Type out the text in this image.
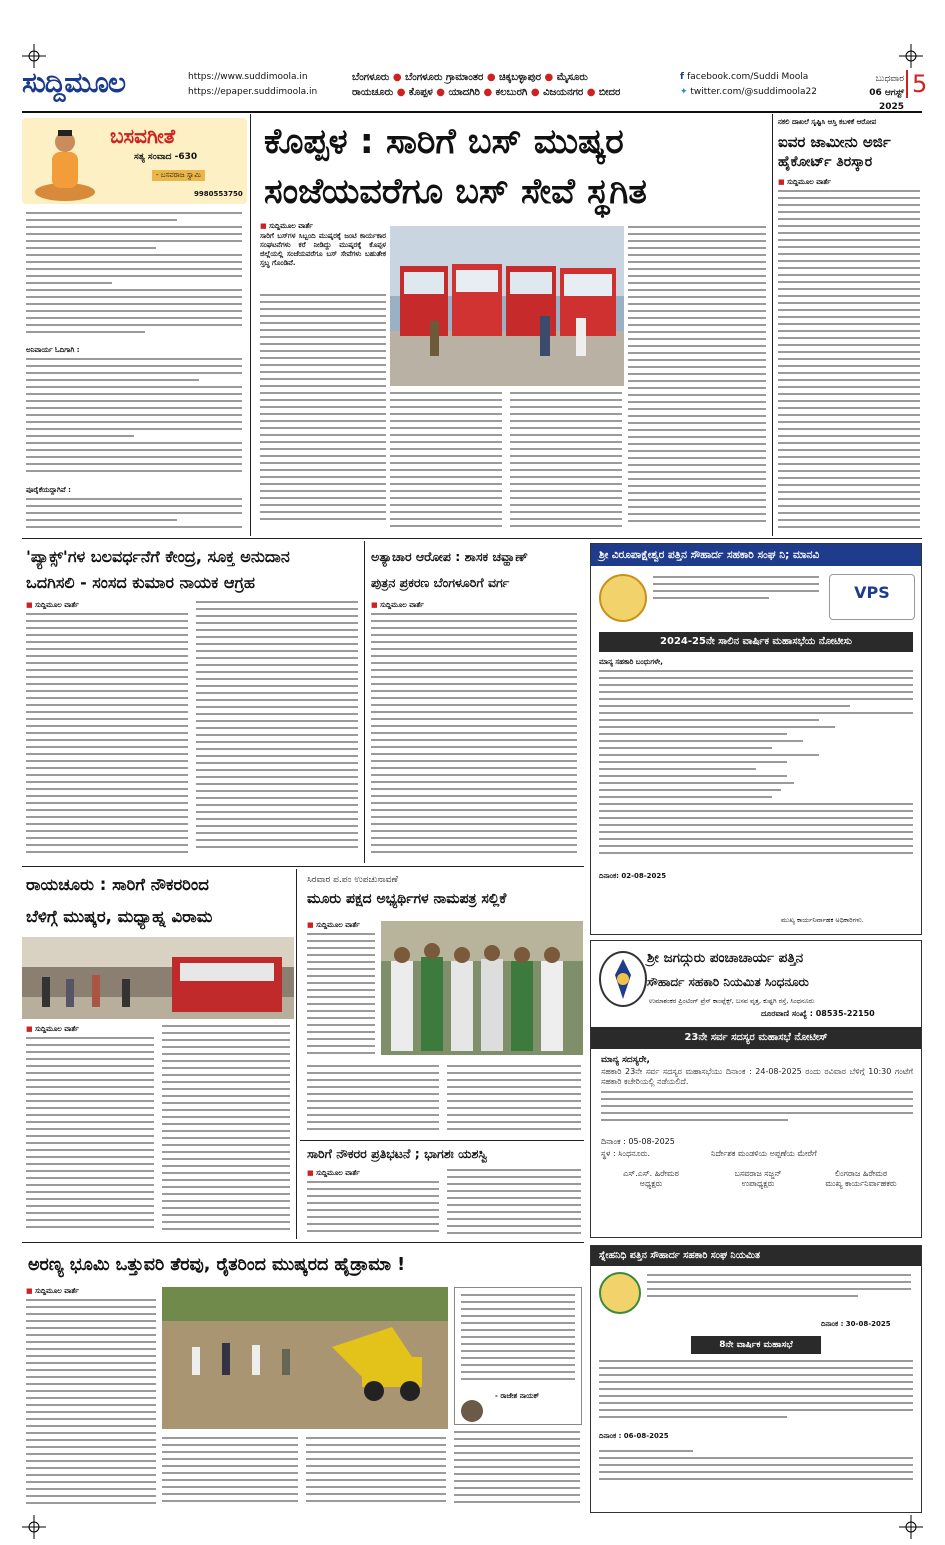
ಸುದ್ದಿಮೂಲ	https://www.suddimoola.in
https://epaper.suddimoola.in
ಬೆಂಗಳೂರು ● ಬೆಂಗಳೂರು ಗ್ರಾಮಾಂತರ ● ಚಿಕ್ಕಬಳ್ಳಾಪುರ ● ಮೈಸೂರು
ರಾಯಚೂರು ● ಕೊಪ್ಪಳ ● ಯಾದಗಿರಿ ● ಕಲಬುರಗಿ ● ವಿಜಯನಗರ ● ಬೀದರ
f facebook.com/Suddi Moola
✦ twitter.com/@suddimoola22
ಬುಧವಾರ
06 ಆಗಸ್ಟ್ 2025
5
ಬಸವಗೀತೆ
ಸತ್ಯ ಸಂವಾದ -630
- ಬಸವರಾಜ ಸ್ವಾಮಿ
9980553750
ಅನಿವಾರ್ಯ ಓದಿಗಾಗಿ :
ಪೂರೈಕೆಯದ್ದಾಗಿವೆ :
ಕೊಪ್ಪಳ : ಸಾರಿಗೆ ಬಸ್ ಮುಷ್ಕರ
ಸಂಜೆಯವರೆಗೂ ಬಸ್ ಸೇವೆ ಸ್ಥಗಿತ
■ ಸುದ್ದಿಮೂಲ ವಾರ್ತೆ
ಸಾರಿಗೆ ಬಸ್‌ಗಳ ಸಿಬ್ಬಂದಿ ಮುಷ್ಕರಕ್ಕೆ ಜಂಟಿ ಕಾರ್ಯಕಾರ ಸಂಘಟನೆಗಳು ಕರೆ ನೀಡಿದ್ದು ಮುಷ್ಕರಕ್ಕೆ ಕೊಪ್ಪಳ ಜಿಲ್ಲೆಯಲ್ಲಿ ಸಂಜೆಯವರೆಗೂ ಬಸ್ ಸೇವೆಗಳು ಬಹುತೇಕ ಸ್ತಬ್ಧ ಗೊಂಡಿವೆ.
ನಕಲಿ ದಾಖಲೆ ಸೃಷ್ಟಿಸಿ ಆಸ್ತಿ ಕಬಳಿಕೆ ಆರೋಪ
ಐವರ ಜಾಮೀನು ಅರ್ಜಿ
ಹೈಕೋರ್ಟ್ ತಿರಸ್ಕಾರ
■ ಸುದ್ದಿಮೂಲ ವಾರ್ತೆ
'ಪ್ಯಾಕ್ಸ್'ಗಳ ಬಲವರ್ಧನೆಗೆ ಕೇಂದ್ರ, ಸೂಕ್ತ ಅನುದಾನ
ಒದಗಿಸಲಿ - ಸಂಸದ ಕುಮಾರ ನಾಯಕ ಆಗ್ರಹ
■ ಸುದ್ದಿಮೂಲ ವಾರ್ತೆ
ಅತ್ಯಾಚಾರ ಆರೋಪ : ಶಾಸಕ ಚವ್ಹಾಣ್
ಪುತ್ರನ ಪ್ರಕರಣ ಬೆಂಗಳೂರಿಗೆ ವರ್ಗ
■ ಸುದ್ದಿಮೂಲ ವಾರ್ತೆ
ಶ್ರೀ ವಿರೂಪಾಕ್ಷೇಶ್ವರ ಪತ್ತಿನ ಸೌಹಾರ್ದ ಸಹಕಾರಿ ಸಂಘ ನಿ; ಮಾನವಿ
VPS
2024-25ನೇ ಸಾಲಿನ ವಾರ್ಷಿಕ ಮಹಾಸಭೆಯ ನೋಟೀಸು
ಮಾನ್ಯ ಸಹಕಾರಿ ಬಂಧುಗಳೇ,
ದಿನಾಂಕ: 02-08-2025
ಮುಖ್ಯ ಕಾರ್ಯನಿರ್ವಾಹಕ ಅಧಿಕಾರಿಗಳು.
ರಾಯಚೂರು : ಸಾರಿಗೆ ನೌಕರರಿಂದ
ಬೆಳಿಗ್ಗೆ ಮುಷ್ಕರ, ಮಧ್ಯಾಹ್ನ ವಿರಾಮ
■ ಸುದ್ದಿಮೂಲ ವಾರ್ತೆ
ಸಿರವಾರ ಪ.ಪಂ ಉಪಚುನಾವಣೆ
ಮೂರು ಪಕ್ಷದ ಅಭ್ಯರ್ಥಿಗಳ ನಾಮಪತ್ರ ಸಲ್ಲಿಕೆ
■ ಸುದ್ದಿಮೂಲ ವಾರ್ತೆ
ಸಾರಿಗೆ ನೌಕರರ ಪ್ರತಿಭಟನೆ ; ಭಾಗಶಃ ಯಶಸ್ವಿ
■ ಸುದ್ದಿಮೂಲ ವಾರ್ತೆ
ಶ್ರೀ ಜಗದ್ಗುರು ಪಂಚಾಚಾರ್ಯ ಪತ್ತಿನ
ಸೌಹಾರ್ದ ಸಹಕಾರಿ ನಿಯಮಿತ ಸಿಂಧನೂರು
ಉಮಾಶಂಕರ ಪ್ರಿಂಟಿಂಗ್ ಪ್ರೆಸ್ ಕಾಂಪ್ಲೆಕ್ಸ್, ಬಸವ ವೃತ್ತ, ಕುಷ್ಟಗಿ ರಸ್ತೆ, ಸಿಂಧನೂರು
ದೂರವಾಣಿ ಸಂಖ್ಯೆ : 08535-22150
23ನೇ ಸರ್ವ ಸದಸ್ಯರ ಮಹಾಸಭೆ ನೋಟೀಸ್
ಮಾನ್ಯ ಸದಸ್ಯರೇ,
ಸಹಕಾರಿ 23ನೇ ಸರ್ವ ಸದಸ್ಯರ ಮಹಾಸಭೆಯು ದಿನಾಂಕ : 24-08-2025 ರಂದು ರವಿವಾರ ಬೆಳಿಗ್ಗೆ 10:30 ಗಂಟೆಗೆ ಸಹಕಾರಿ ಕಚೇರಿಯಲ್ಲಿ ನಡೆಯಲಿದೆ.
ದಿನಾಂಕ : 05-08-2025
ಸ್ಥಳ : ಸಿಂಧನೂರು.	ನಿರ್ದೇಶಕ ಮಂಡಳಿಯ ಅಪ್ಪಣೆಯ ಮೇರೆಗೆ
ಎಸ್.ಎಸ್. ಹಿರೇಮಠ
ಅಧ್ಯಕ್ಷರು
ಬಸವರಾಜ ಸಜ್ಜನ್
ಉಪಾಧ್ಯಕ್ಷರು
ಲಿಂಗರಾಜ ಹಿರೇಮಠ
ಮುಖ್ಯ ಕಾರ್ಯನಿರ್ವಾಹಕರು
ಅರಣ್ಯ ಭೂಮಿ ಒತ್ತುವರಿ ತೆರವು, ರೈತರಿಂದ ಮುಷ್ಕರದ ಹೈಡ್ರಾಮಾ !
■ ಸುದ್ದಿಮೂಲ ವಾರ್ತೆ
- ರಾಜೇಶ ನಾಯಕ್
ಸ್ನೇಹನಿಧಿ ಪತ್ತಿನ ಸೌಹಾರ್ದ ಸಹಕಾರಿ ಸಂಘ ನಿಯಮಿತ
ದಿನಾಂಕ : 30-08-2025
8ನೇ ವಾರ್ಷಿಕ ಮಹಾಸಭೆ
ದಿನಾಂಕ : 06-08-2025
